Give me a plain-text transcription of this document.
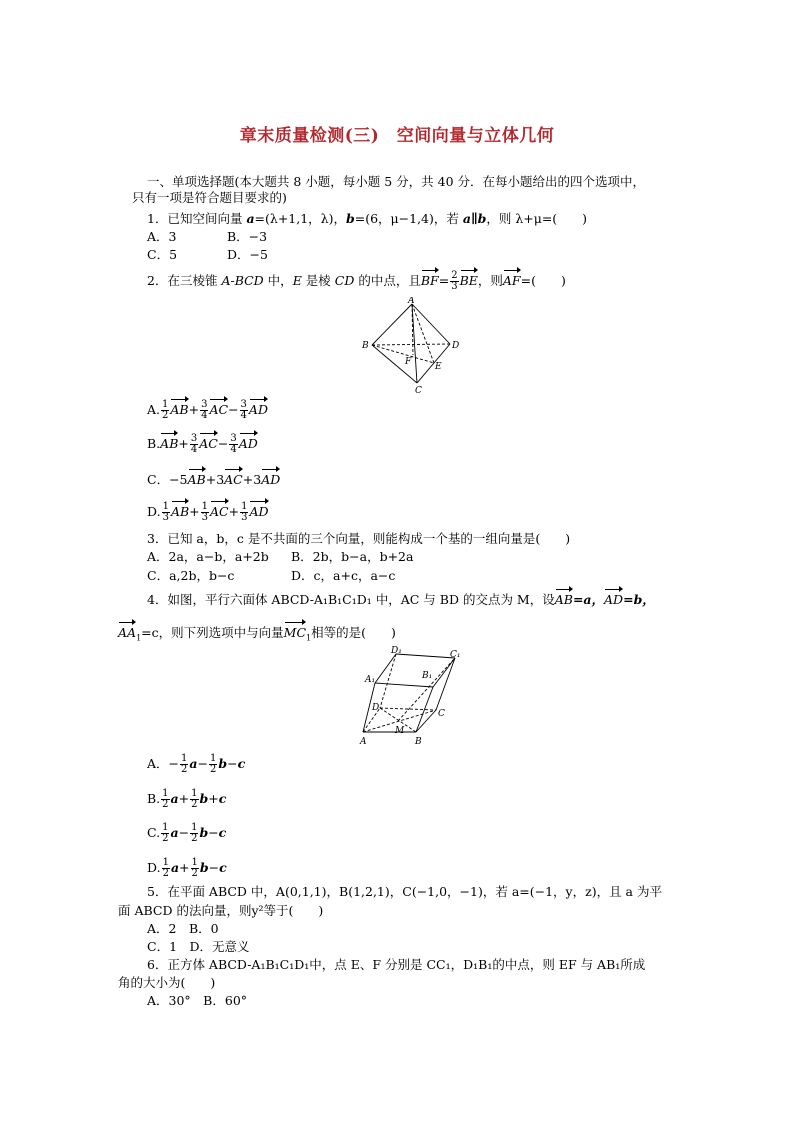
章末质量检测(三)　空间向量与立体几何
一、单项选择题(本大题共 8 小题，每小题 5 分，共 40 分．在每小题给出的四个选项中，
只有一项是符合题目要求的)
1．已知空间向量 a=(λ+1,1，λ)，b=(6，μ−1,4)，若 a∥b，则 λ+μ=(　　)
A．3	B．−3
C．5	D．−5
2．在三棱锥 A-BCD 中，E 是棱 CD 的中点，且$BF= \frac{2}{3}$ BE，则AF=(　　)
A
B	D
F	E
C
A. $\frac{1}{2} AB+ \frac{3}{4} AC- \frac{3}{4}$ AD
$B.AB+ \frac{3}{4} AC- \frac{3}{4}$ AD
C．−5AB+3AC+3AD
D. $\frac{1}{3} AB+ \frac{1}{3} AC+ \frac{1}{3}$ AD
3．已知 a，b，c 是不共面的三个向量，则能构成一个基的一组向量是(　　)
A．2a，a−b，a+2b B．2b，b−a，b+2a
C．a,2b，b−c	D．c，a+c，a−c
4．如图，平行六面体 ABCD-A₁B₁C₁D₁ 中，AC 与 BD 的交点为 M，设AB=a，AD=b，
$AA_1=c$，则下列选项中与向量$MC_1$相等的是(　　)
D₁	C₁
A₁	B₁
D
C
M
A	B
A．− $\frac{1}{2} a- \frac{1}{2} b-c$
B. $\frac{1}{2} a+ \frac{1}{2} b+c$
C. $\frac{1}{2} a- \frac{1}{2} b-c$
D. $\frac{1}{2} a+ \frac{1}{2} b-c$
5．在平面 ABCD 中，A(0,1,1)，B(1,2,1)，C(−1,0，−1)，若 a=(−1，y，z)，且 a 为平
面 ABCD 的法向量，则y²等于(　　)
A．2　B．0
C．1　D．无意义
6．正方体 ABCD-A₁B₁C₁D₁中，点 E、F 分别是 CC₁，D₁B₁的中点，则 EF 与 AB₁所成
角的大小为(　　)
A．30°　B．60°
